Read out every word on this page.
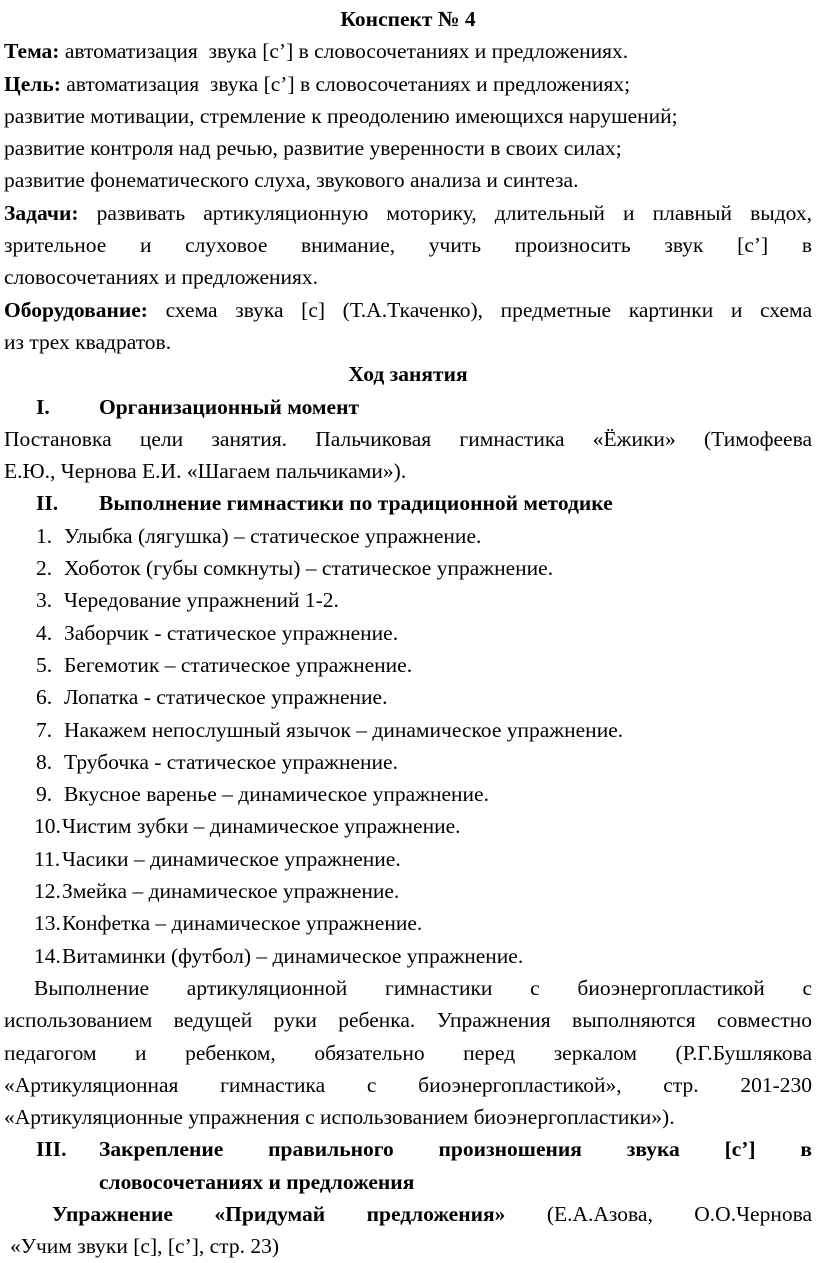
Конспект № 4
Тема: автоматизация  звука [с’] в словосочетаниях и предложениях.
Цель: автоматизация  звука [с’] в словосочетаниях и предложениях;
развитие мотивации, стремление к преодолению имеющихся нарушений;
развитие контроля над речью, развитие уверенности в своих силах;
развитие фонематического слуха, звукового анализа и синтеза.
Задачи: развивать артикуляционную моторику, длительный и плавный выдох,
зрительное и слуховое внимание, учить произносить звук [с’] в
словосочетаниях и предложениях.
Оборудование: схема звука [с] (Т.А.Ткаченко), предметные картинки и схема
из трех квадратов.
Ход занятия
I. Организационный момент
Постановка цели занятия. Пальчиковая гимнастика «Ёжики» (Тимофеева
Е.Ю., Чернова Е.И. «Шагаем пальчиками»).
II. Выполнение гимнастики по традиционной методике
1. Улыбка (лягушка) – статическое упражнение.
2. Хоботок (губы сомкнуты) – статическое упражнение.
3. Чередование упражнений 1-2.
4. Заборчик - статическое упражнение.
5. Бегемотик – статическое упражнение.
6. Лопатка - статическое упражнение.
7. Накажем непослушный язычок – динамическое упражнение.
8. Трубочка - статическое упражнение.
9. Вкусное варенье – динамическое упражнение.
10.Чистим зубки – динамическое упражнение.
11.Часики – динамическое упражнение.
12.Змейка – динамическое упражнение.
13.Конфетка – динамическое упражнение.
14.Витаминки (футбол) – динамическое упражнение.
Выполнение артикуляционной гимнастики с биоэнергопластикой с
использованием ведущей руки ребенка. Упражнения выполняются совместно
педагогом и ребенком, обязательно перед зеркалом (Р.Г.Бушлякова
«Артикуляционная гимнастика с биоэнергопластикой», стр. 201-230
«Артикуляционные упражнения с использованием биоэнергопластики»).
III. Закрепление правильного произношения звука [с’] в
словосочетаниях и предложения
Упражнение «Придумай предложения» (Е.А.Азова, О.О.Чернова
«Учим звуки [с], [с’], стр. 23)
